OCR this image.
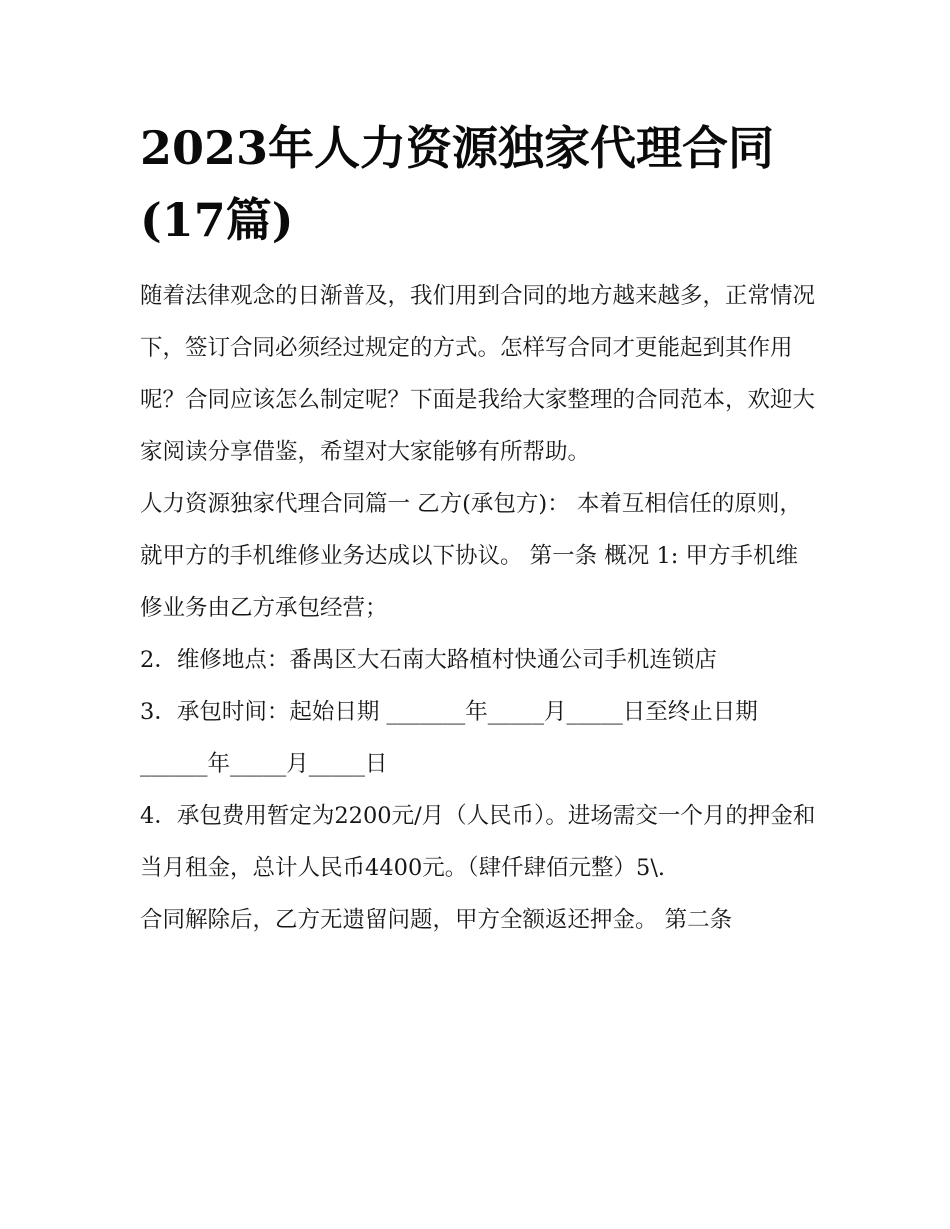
2023年人力资源独家代理合同(17篇)

随着法律观念的日渐普及，我们用到合同的地方越来越多，正常情况下，签订合同必须经过规定的方式。怎样写合同才更能起到其作用呢？合同应该怎么制定呢？下面是我给大家整理的合同范本，欢迎大家阅读分享借鉴，希望对大家能够有所帮助。

人力资源独家代理合同篇一 乙方(承包方)： 本着互相信任的原则，就甲方的手机维修业务达成以下协议。 第一条 概况 1: 甲方手机维修业务由乙方承包经营；

2．维修地点：番禺区大石南大路植村快通公司手机连锁店

3．承包时间：起始日期 _______年_____月_____日至终止日期

______年_____月_____日

4．承包费用暂定为2200元/月（人民币）。进场需交一个月的押金和当月租金，总计人民币4400元。（肆仟肆佰元整）5\.

合同解除后，乙方无遗留问题，甲方全额返还押金。 第二条
